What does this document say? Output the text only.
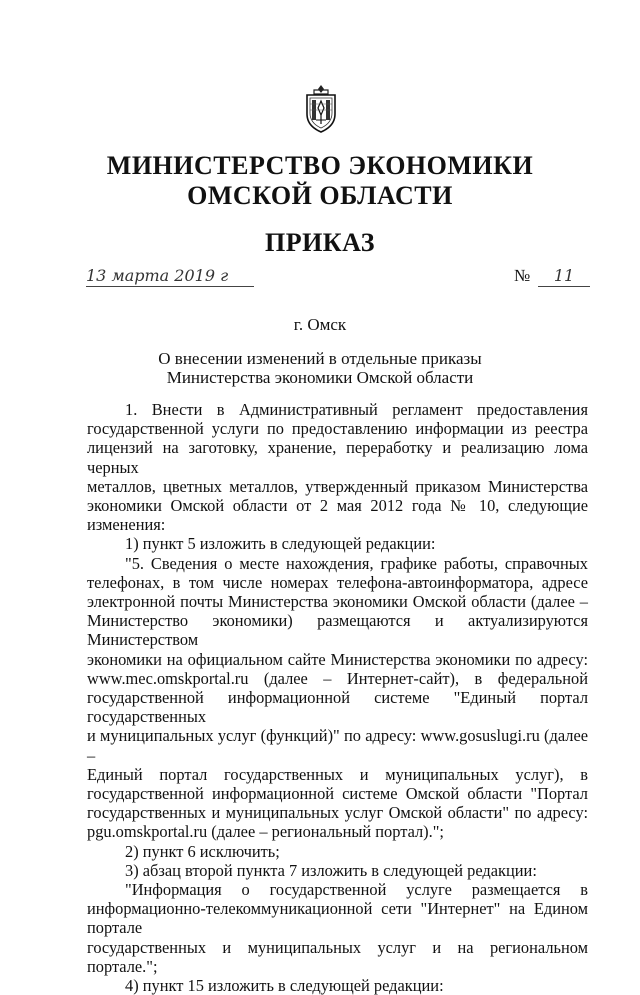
МИНИСТЕРСТВО ЭКОНОМИКИ
ОМСКОЙ ОБЛАСТИ
ПРИКАЗ
13 марта 2019 г	№	11
г. Омск
О внесении изменений в отдельные приказы
Министерства экономики Омской области
1. Внести в Административный регламент предоставления
государственной услуги по предоставлению информации из реестра
лицензий на заготовку, хранение, переработку и реализацию лома черных
металлов, цветных металлов, утвержденный приказом Министерства
экономики Омской области от 2 мая 2012 года № 10, следующие изменения:
1) пункт 5 изложить в следующей редакции:
"5. Сведения о месте нахождения, графике работы, справочных
телефонах, в том числе номерах телефона-автоинформатора, адресе
электронной почты Министерства экономики Омской области (далее –
Министерство экономики) размещаются и актуализируются Министерством
экономики на официальном сайте Министерства экономики по адресу:
www.mec.omskportal.ru (далее – Интернет-сайт), в федеральной
государственной информационной системе "Единый портал государственных
и муниципальных услуг (функций)" по адресу: www.gosuslugi.ru (далее –
Единый портал государственных и муниципальных услуг), в
государственной информационной системе Омской области "Портал
государственных и муниципальных услуг Омской области" по адресу:
pgu.omskportal.ru (далее – региональный портал).";
2) пункт 6 исключить;
3) абзац второй пункта 7 изложить в следующей редакции:
"Информация о государственной услуге размещается в
информационно-телекоммуникационной сети "Интернет" на Едином портале
государственных и муниципальных услуг и на региональном портале.";
4) пункт 15 изложить в следующей редакции:
